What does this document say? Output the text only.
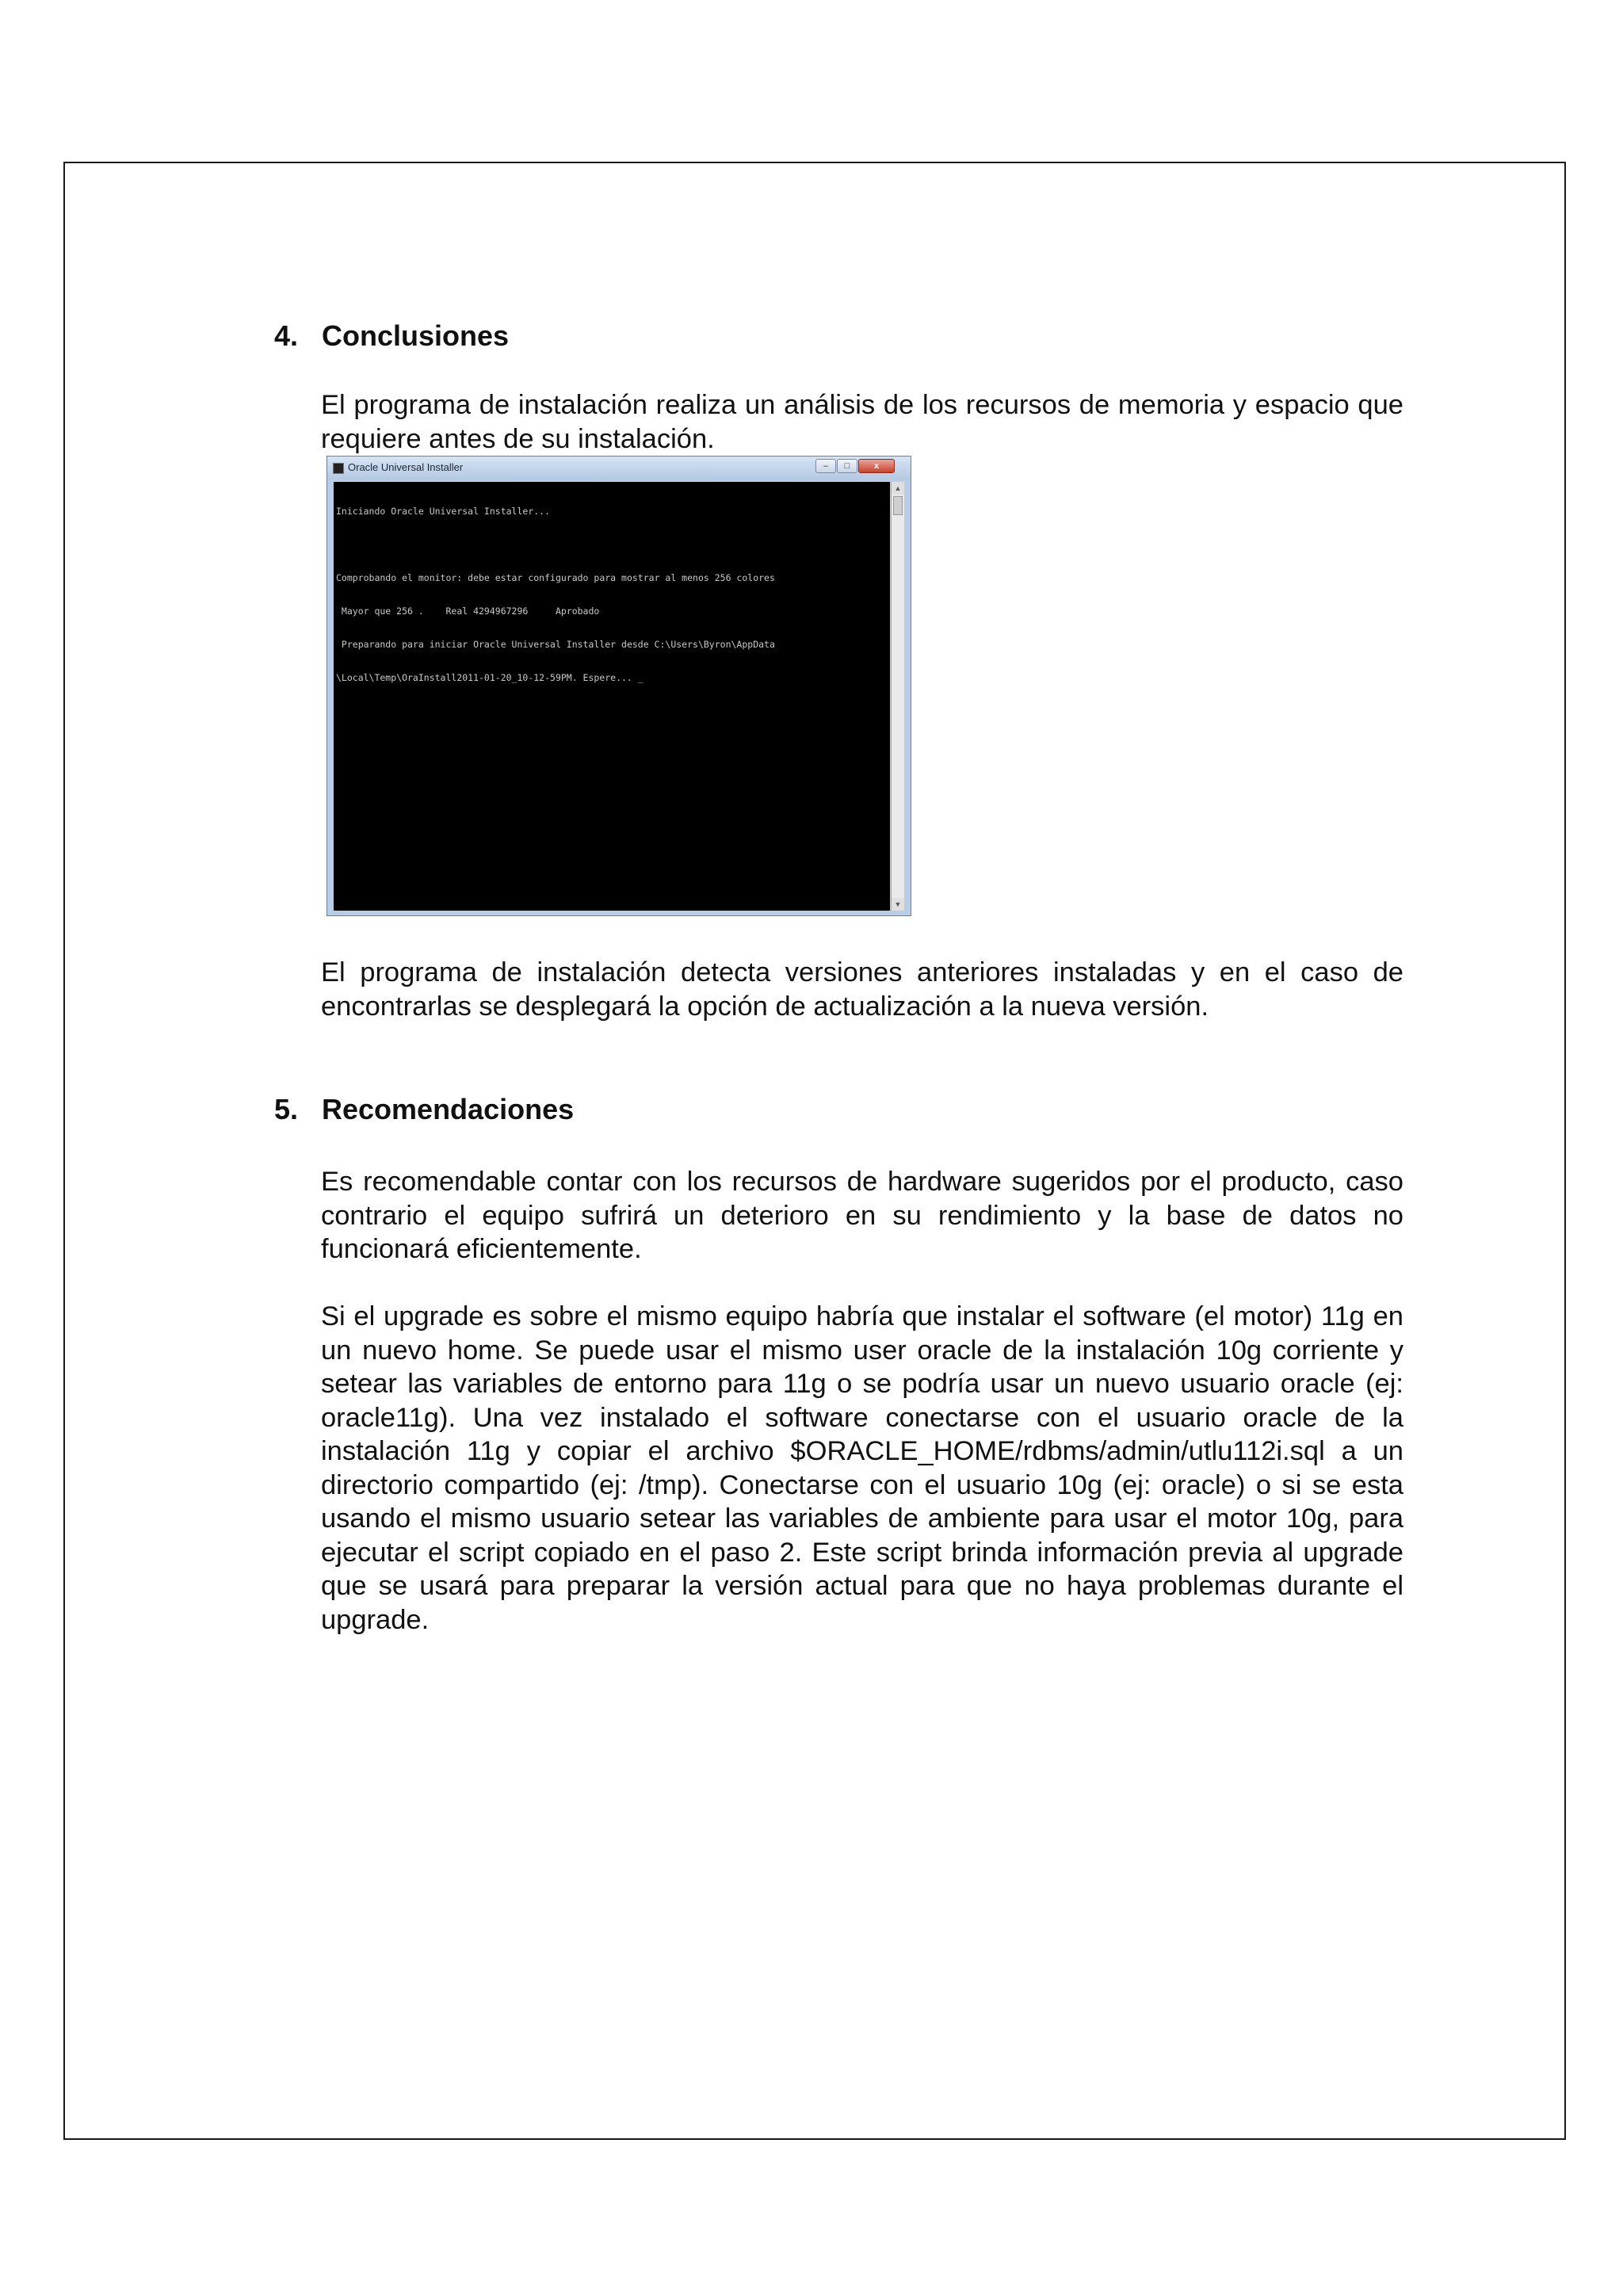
4. Conclusiones

El programa de instalación realiza un análisis de los recursos de memoria y espacio que requiere antes de su instalación.

Oracle Universal Installer	–	□	x

Iniciando Oracle Universal Installer...

Comprobando el monitor: debe estar configurado para mostrar al menos 256 colores

Mayor que 256 .    Real 4294967296     Aprobado

Preparando para iniciar Oracle Universal Installer desde C:\Users\Byron\AppData

\Local\Temp\OraInstall2011-01-20_10-12-59PM. Espere... _

▲
▼

El programa de instalación detecta versiones anteriores instaladas y en el caso de encontrarlas se desplegará la opción de actualización a la nueva versión.

5. Recomendaciones

Es recomendable contar con los recursos de hardware sugeridos por el producto, caso contrario el equipo sufrirá un deterioro en su rendimiento y la base de datos no funcionará eficientemente.

Si el upgrade es sobre el mismo equipo habría que instalar el software (el motor) 11g en un nuevo home. Se puede usar el mismo user oracle de la instalación 10g corriente y setear las variables de entorno para 11g o se podría usar un nuevo usuario oracle (ej: oracle11g). Una vez instalado el software conectarse con el usuario oracle de la instalación 11g y copiar el archivo $ORACLE_HOME/rdbms/admin/utlu112i.sql a un directorio compartido (ej: /tmp). Conectarse con el usuario 10g (ej: oracle) o si se esta usando el mismo usuario setear las variables de ambiente para usar el motor 10g, para ejecutar el script copiado en el paso 2. Este script brinda información previa al upgrade que se usará para preparar la versión actual para que no haya problemas durante el upgrade.
